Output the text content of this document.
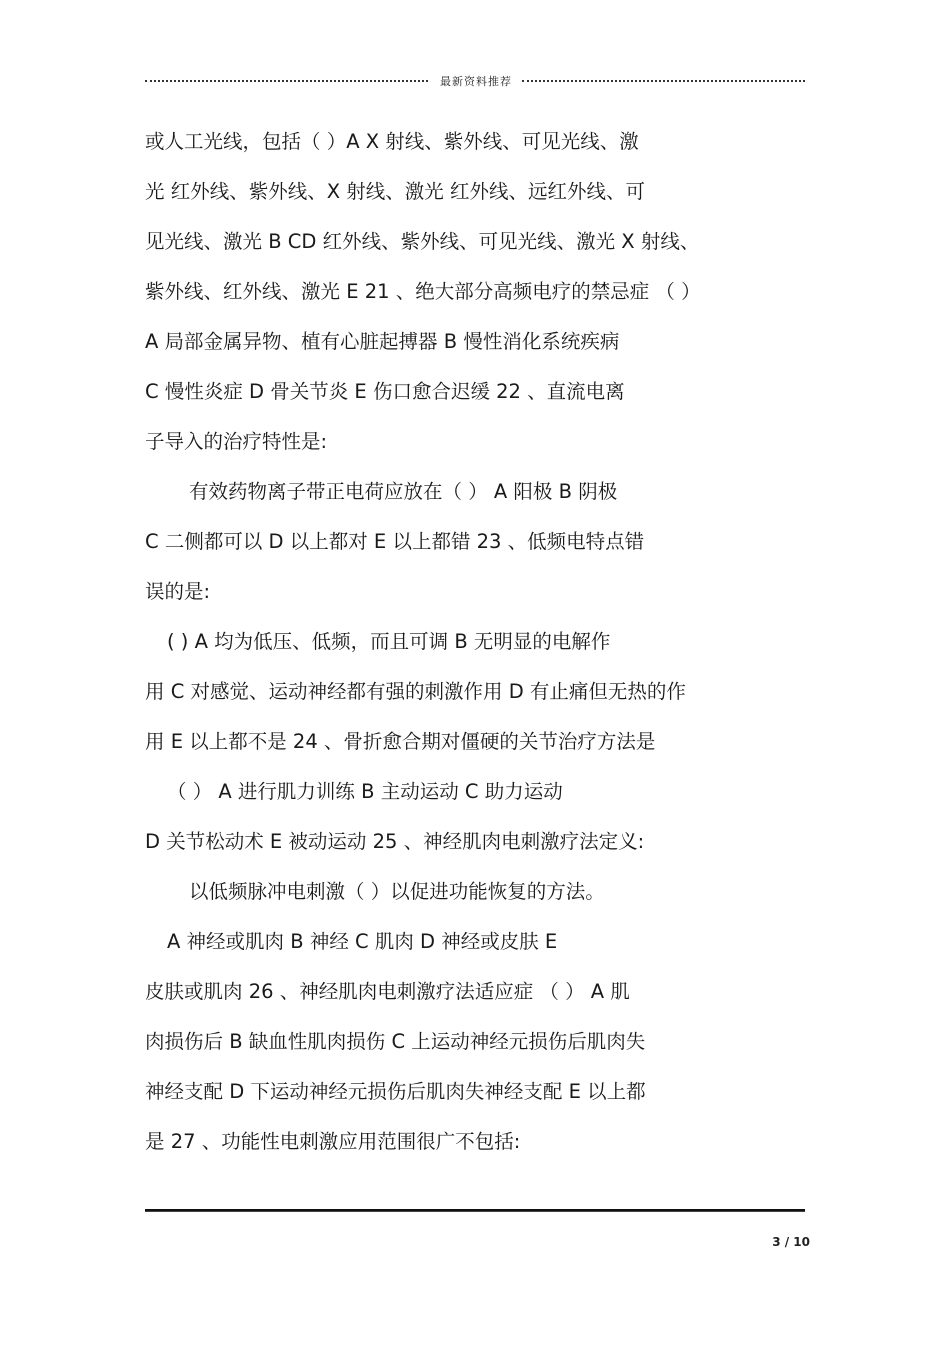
最新资料推荐
或人工光线，包括（ ）A X 射线、紫外线、可见光线、激
光 红外线、紫外线、X 射线、激光 红外线、远红外线、可
见光线、激光 B CD 红外线、紫外线、可见光线、激光 X 射线、
紫外线、红外线、激光 E 21 、绝大部分高频电疗的禁忌症 （ ）
A 局部金属异物、植有心脏起搏器 B 慢性消化系统疾病
C 慢性炎症 D 骨关节炎 E 伤口愈合迟缓 22 、直流电离
子导入的治疗特性是:
有效药物离子带正电荷应放在（ ） A 阳极 B 阴极
C 二侧都可以 D 以上都对 E 以上都错 23 、低频电特点错
误的是:
( ) A 均为低压、低频，而且可调 B 无明显的电解作
用 C 对感觉、运动神经都有强的刺激作用 D 有止痛但无热的作
用 E 以上都不是 24 、骨折愈合期对僵硬的关节治疗方法是
（ ） A 进行肌力训练 B 主动运动 C 助力运动
D 关节松动术 E 被动运动 25 、神经肌肉电刺激疗法定义:
以低频脉冲电刺激（ ）以促进功能恢复的方法。
A 神经或肌肉 B 神经 C 肌肉 D 神经或皮肤 E
皮肤或肌肉 26 、神经肌肉电刺激疗法适应症 （ ） A 肌
肉损伤后 B 缺血性肌肉损伤 C 上运动神经元损伤后肌肉失
神经支配 D 下运动神经元损伤后肌肉失神经支配 E 以上都
是 27 、功能性电刺激应用范围很广不包括:
3 / 10
